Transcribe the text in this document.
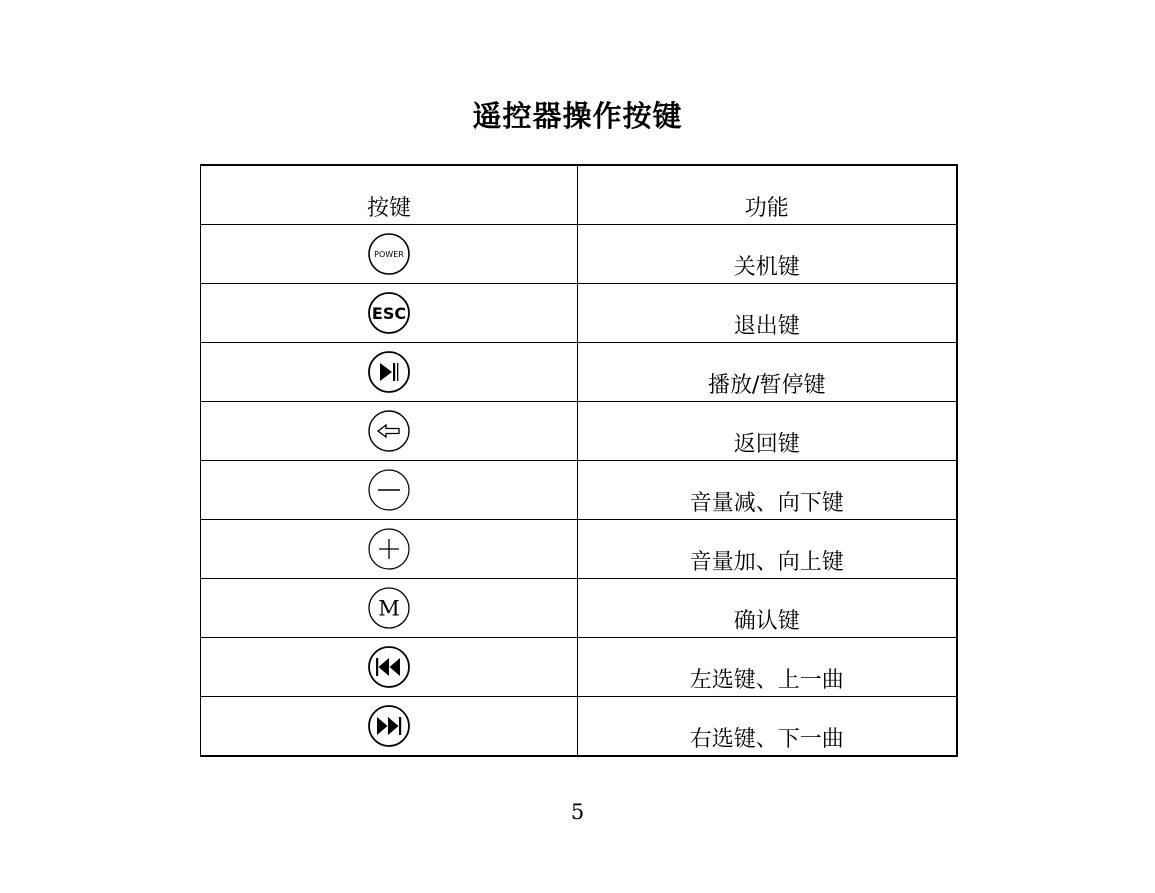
遥控器操作按键
按键	功能

POWER	关机键

ESC	退出键

	播放/暂停键

	返回键

	音量减、向下键

	音量加、向上键

M	确认键

	左选键、上一曲

	右选键、下一曲
5
